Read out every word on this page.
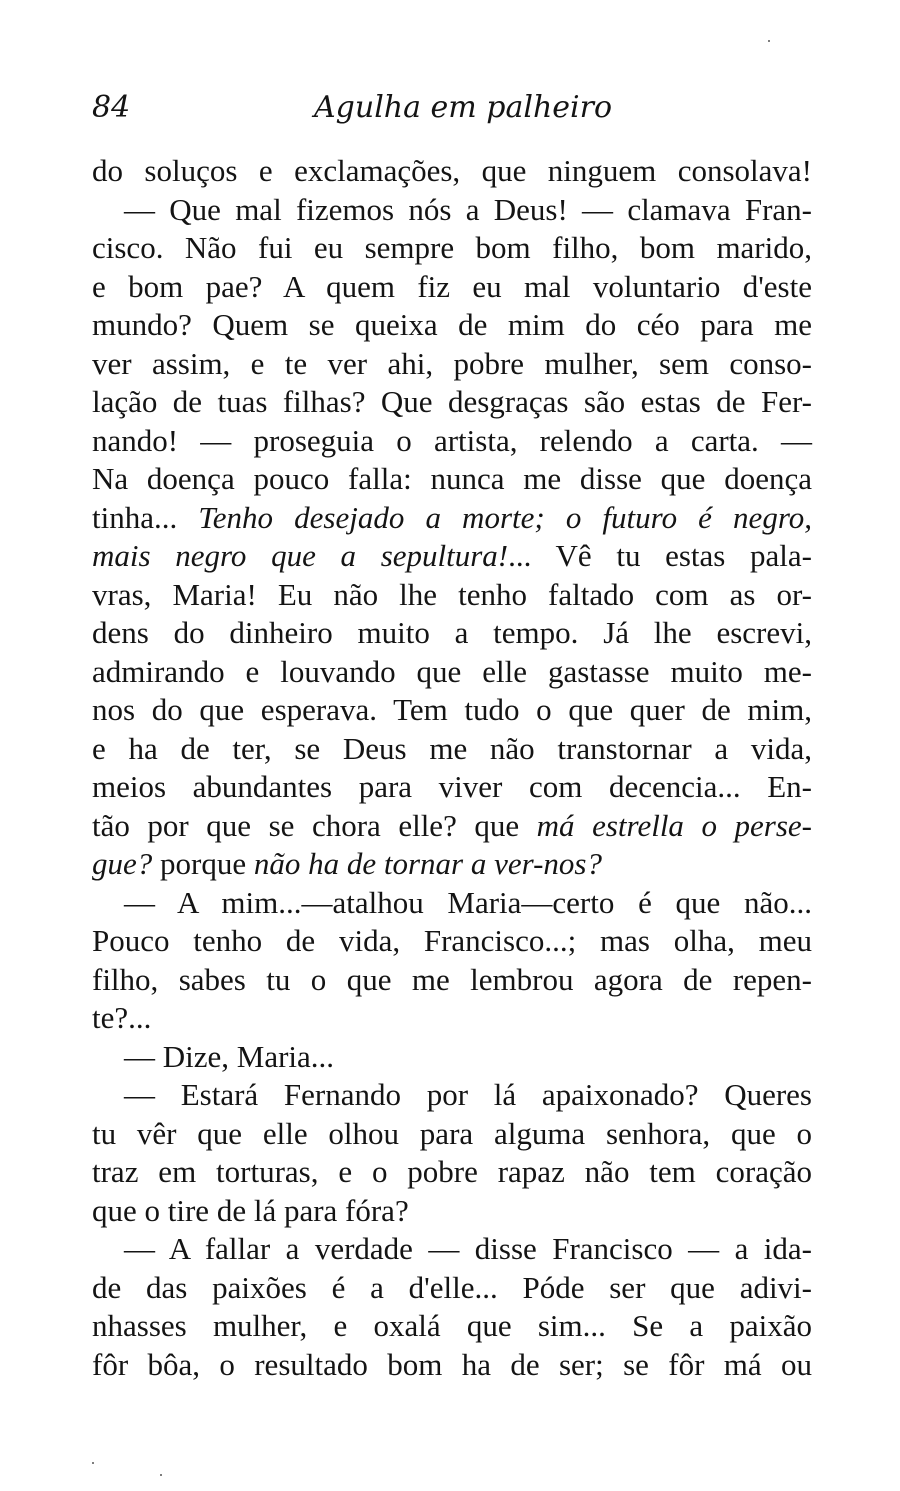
84	Agulha em palheiro
do soluços e exclamações, que ninguem consolava!
— Que mal fizemos nós a Deus! — clamava Fran-
cisco. Não fui eu sempre bom filho, bom marido,
e bom pae? A quem fiz eu mal voluntario d'este
mundo? Quem se queixa de mim do céo para me
ver assim, e te ver ahi, pobre mulher, sem conso-
lação de tuas filhas? Que desgraças são estas de Fer-
nando! — proseguia o artista, relendo a carta. —
Na doença pouco falla: nunca me disse que doença
tinha... Tenho desejado a morte; o futuro é negro,
mais negro que a sepultura!... Vê tu estas pala-
vras, Maria! Eu não lhe tenho faltado com as or-
dens do dinheiro muito a tempo. Já lhe escrevi,
admirando e louvando que elle gastasse muito me-
nos do que esperava. Tem tudo o que quer de mim,
e ha de ter, se Deus me não transtornar a vida,
meios abundantes para viver com decencia... En-
tão por que se chora elle? que má estrella o perse-
gue? porque não ha de tornar a ver-nos?
— A mim...—atalhou Maria—certo é que não...
Pouco tenho de vida, Francisco...; mas olha, meu
filho, sabes tu o que me lembrou agora de repen-
te?...
— Dize, Maria...
— Estará Fernando por lá apaixonado? Queres
tu vêr que elle olhou para alguma senhora, que o
traz em torturas, e o pobre rapaz não tem coração
que o tire de lá para fóra?
— A fallar a verdade — disse Francisco — a ida-
de das paixões é a d'elle... Póde ser que adivi-
nhasses mulher, e oxalá que sim... Se a paixão
fôr bôa, o resultado bom ha de ser; se fôr má ou
